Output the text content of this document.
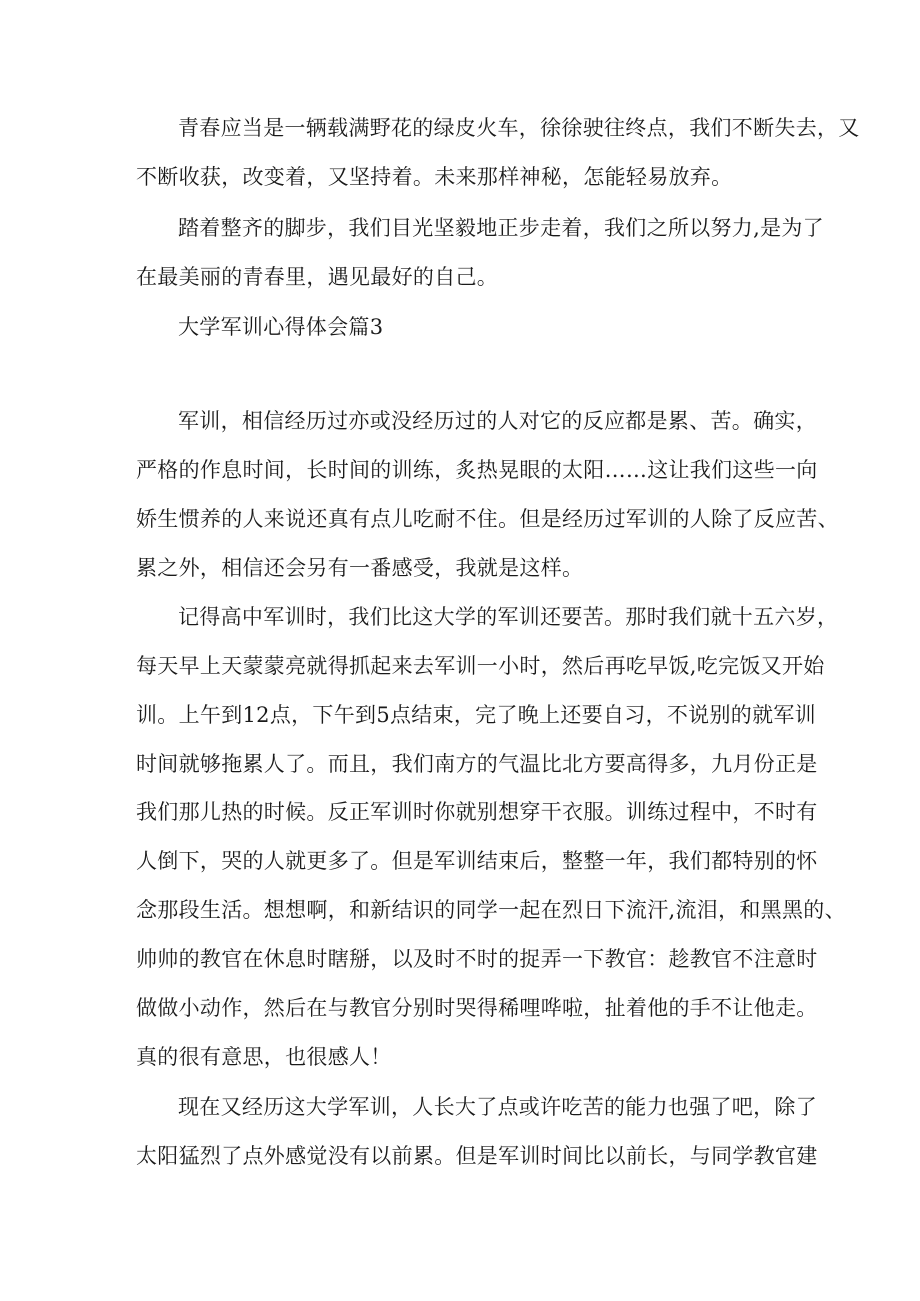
青春应当是一辆载满野花的绿皮火车，徐徐驶往终点，我们不断失去，又
不断收获，改变着，又坚持着。未来那样神秘，怎能轻易放弃。
踏着整齐的脚步，我们目光坚毅地正步走着，我们之所以努力,是为了
在最美丽的青春里，遇见最好的自己。
大学军训心得体会篇3
军训，相信经历过亦或没经历过的人对它的反应都是累、苦。确实，
严格的作息时间，长时间的训练，炙热晃眼的太阳……这让我们这些一向
娇生惯养的人来说还真有点儿吃耐不住。但是经历过军训的人除了反应苦、
累之外，相信还会另有一番感受，我就是这样。
记得高中军训时，我们比这大学的军训还要苦。那时我们就十五六岁，
每天早上天蒙蒙亮就得抓起来去军训一小时，然后再吃早饭,吃完饭又开始
训。上午到12点，下午到5点结束，完了晚上还要自习，不说别的就军训
时间就够拖累人了。而且，我们南方的气温比北方要高得多，九月份正是
我们那儿热的时候。反正军训时你就别想穿干衣服。训练过程中，不时有
人倒下，哭的人就更多了。但是军训结束后，整整一年，我们都特别的怀
念那段生活。想想啊，和新结识的同学一起在烈日下流汗,流泪，和黑黑的、
帅帅的教官在休息时瞎掰，以及时不时的捉弄一下教官：趁教官不注意时
做做小动作，然后在与教官分别时哭得稀哩哗啦，扯着他的手不让他走。
真的很有意思，也很感人！
现在又经历这大学军训，人长大了点或许吃苦的能力也强了吧，除了
太阳猛烈了点外感觉没有以前累。但是军训时间比以前长，与同学教官建
